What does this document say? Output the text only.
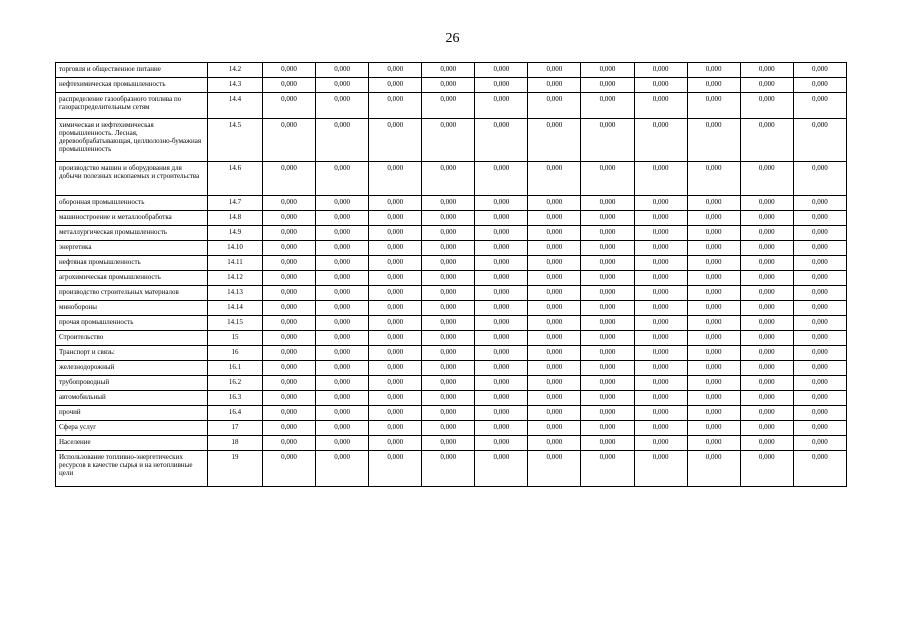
26
торговля и общественное питание	14.2	0,000	0,000	0,000	0,000	0,000	0,000	0,000	0,000	0,000	0,000	0,000
нефтехимическая промышленность	14.3	0,000	0,000	0,000	0,000	0,000	0,000	0,000	0,000	0,000	0,000	0,000
распределение газообразного топлива по газораспределительным сетям	14.4	0,000	0,000	0,000	0,000	0,000	0,000	0,000	0,000	0,000	0,000	0,000
химическая и нефтехимическая промышленность. Лесная, деревообрабатывающая, целлюлозно-бумажная промышленность	14.5	0,000	0,000	0,000	0,000	0,000	0,000	0,000	0,000	0,000	0,000	0,000
производство машин и оборудования для добычи полезных ископаемых и строительства	14.6	0,000	0,000	0,000	0,000	0,000	0,000	0,000	0,000	0,000	0,000	0,000
оборонная промышленность	14.7	0,000	0,000	0,000	0,000	0,000	0,000	0,000	0,000	0,000	0,000	0,000
машиностроение и металлообработка	14.8	0,000	0,000	0,000	0,000	0,000	0,000	0,000	0,000	0,000	0,000	0,000
металлургическая промышленность	14.9	0,000	0,000	0,000	0,000	0,000	0,000	0,000	0,000	0,000	0,000	0,000
энергетика	14.10	0,000	0,000	0,000	0,000	0,000	0,000	0,000	0,000	0,000	0,000	0,000
нефтяная промышленность	14.11	0,000	0,000	0,000	0,000	0,000	0,000	0,000	0,000	0,000	0,000	0,000
агрохимическая промышленность	14.12	0,000	0,000	0,000	0,000	0,000	0,000	0,000	0,000	0,000	0,000	0,000
производство строительных материалов	14.13	0,000	0,000	0,000	0,000	0,000	0,000	0,000	0,000	0,000	0,000	0,000
минобороны	14.14	0,000	0,000	0,000	0,000	0,000	0,000	0,000	0,000	0,000	0,000	0,000
прочая промышленность	14.15	0,000	0,000	0,000	0,000	0,000	0,000	0,000	0,000	0,000	0,000	0,000
Строительство	15	0,000	0,000	0,000	0,000	0,000	0,000	0,000	0,000	0,000	0,000	0,000
Транспорт и связь:	16	0,000	0,000	0,000	0,000	0,000	0,000	0,000	0,000	0,000	0,000	0,000
железнодорожный	16.1	0,000	0,000	0,000	0,000	0,000	0,000	0,000	0,000	0,000	0,000	0,000
трубопроводный	16.2	0,000	0,000	0,000	0,000	0,000	0,000	0,000	0,000	0,000	0,000	0,000
автомобильный	16.3	0,000	0,000	0,000	0,000	0,000	0,000	0,000	0,000	0,000	0,000	0,000
прочий	16.4	0,000	0,000	0,000	0,000	0,000	0,000	0,000	0,000	0,000	0,000	0,000
Сфера услуг	17	0,000	0,000	0,000	0,000	0,000	0,000	0,000	0,000	0,000	0,000	0,000
Население	18	0,000	0,000	0,000	0,000	0,000	0,000	0,000	0,000	0,000	0,000	0,000
Использование топливно-энергетических ресурсов в качестве сырья и на нетопливные цели	19	0,000	0,000	0,000	0,000	0,000	0,000	0,000	0,000	0,000	0,000	0,000
